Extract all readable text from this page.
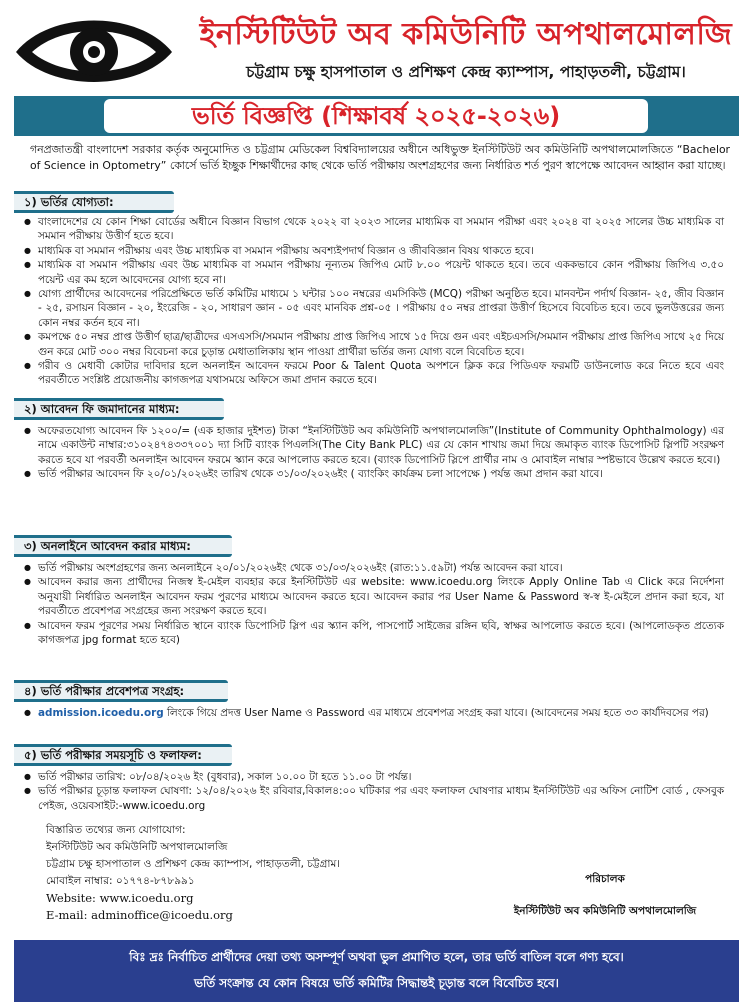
ইনস্টিটিউট অব কমিউনিটি অপথালমোলজি
চট্টগ্রাম চক্ষু হাসপাতাল ও প্রশিক্ষণ কেন্দ্র ক্যাম্পাস, পাহাড়তলী, চট্টগ্রাম।
ভর্তি বিজ্ঞপ্তি (শিক্ষাবর্ষ ২০২৫-২০২৬)
গনপ্রজাতন্ত্রী বাংলাদেশ সরকার কর্তৃক অনুমোদিত ও চট্টগ্রাম মেডিকেল বিশ্ববিদ্যালয়ের অধীনে অধিভুক্ত ইনস্টিটিউট অব কমিউনিটি অপথালমোলজিতে “Bachelor of Science in Optometry” কোর্সে ভর্তি ইচ্ছুক শিক্ষার্থীদের কাছ থেকে ভর্তি পরীক্ষায় অংশগ্রহণের জন্য নির্ধারিত শর্ত পুরণ স্বাপেক্ষে আবেদন আহ্বান করা যাচ্ছে।
১) ভর্তির যোগ্যতা:
● বাংলাদেশের যে কোন শিক্ষা বোর্ডের অধীনে বিজ্ঞান বিভাগ থেকে ২০২২ বা ২০২৩ সালের মাধ্যমিক বা সমমান পরীক্ষা এবং ২০২৪ বা ২০২৫ সালের উচ্চ মাধ্যমিক বা সমমান পরীক্ষায় উত্তীর্ণ হতে হবে।
● মাধ্যমিক বা সমমান পরীক্ষায় এবং উচ্চ মাধ্যমিক বা সমমান পরীক্ষায় অবশ্যইপদার্থ বিজ্ঞান ও জীববিজ্ঞান বিষয় থাকতে হবে।
● মাধ্যমিক বা সমমান পরীক্ষায় এবং উচ্চ মাধ্যমিক বা সমমান পরীক্ষায় নূন্যতম জিপিএ মোট ৮.০০ পয়েন্ট থাকতে হবে। তবে এককভাবে কোন পরীক্ষায় জিপিএ ৩.৫০ পয়েন্ট এর কম হলে আবেদনের যোগ্য হবে না।
● যোগ্য প্রার্থীদের আবেদনের পরিপ্রেক্ষিতে ভর্তি কমিটির মাধ্যমে ১ ঘন্টার ১০০ নম্বরের এমসিকিউ (MCQ) পরীক্ষা অনুষ্ঠিত হবে। মানবন্টন পর্দার্থ বিজ্ঞান- ২৫, জীব বিজ্ঞান - ২৫, রসায়ন বিজ্ঞান - ২০, ইংরেজি - ২০, সাধারণ জ্ঞান - ০৫ এবং মানবিক প্রশ্ন-০৫ । পরীক্ষায় ৫০ নম্বর প্রাপ্তরা উত্তীর্ণ হিসেবে বিবেচিত হবে। তবে ভুলউত্তরের জন্য কোন নম্বর কর্তন হবে না।
● কমপক্ষে ৫০ নম্বর প্রাপ্ত উত্তীর্ণ ছাত্র/ছাত্রীদের এসএসসি/সমমান পরীক্ষায় প্রাপ্ত জিপিএ সাথে ১৫ দিয়ে গুন এবং এইচএসসি/সমমান পরীক্ষায় প্রাপ্ত জিপিএ সাথে ২৫ দিয়ে গুন করে মোট ৩০০ নম্বর বিবেচনা করে চুড়ান্ত মেধাতালিকায় স্থান পাওয়া প্রার্থীরা ভর্তির জন্য যোগ্য বলে বিবেচিত হবে।
● গরীব ও মেধাবী কোটার দাবিদার হলে অনলাইন আবেদন ফরমে Poor & Talent Quota অপশনে ক্লিক করে পিডিএফ ফরমটি ডাউনলোড করে নিতে হবে এবং পরবর্তীতে সংশ্লিষ্ট প্রয়োজনীয় কাগজপত্র যথাসময়ে অফিসে জমা প্রদান করতে হবে।
২) আবেদন ফি জমাদানের মাধ্যম:
● অফেরতযোগ্য আবেদন ফি ১২০০/= (এক হাজার দুইশত) টাকা “ইনস্টিটিউট অব কমিউনিটি অপথালমোলজি”(Institute of Community Ophthalmology) এর নামে একাউন্ট নাম্বার:৩১০২৪৭৪৩৩৭০০১ দ্যা সিটি ব্যাংক পিএলসি(The City Bank PLC) এর যে কোন শাখায় জমা দিয়ে জমাকৃত ব্যাংক ডিপোসিট স্লিপটি সংরক্ষণ করতে হবে যা পরবর্তী অনলাইন আবেদন ফরমে স্ক্যান করে আপলোড করতে হবে। (ব্যাংক ডিপোসিট স্লিপে প্রার্থীর নাম ও মোবাইল নাম্বার স্পষ্টভাবে উল্লেখ করতে হবে।)
● ভর্তি পরীক্ষার আবেদন ফি ২০/০১/২০২৬ইং তারিখ থেকে ৩১/০৩/২০২৬ইং ( ব্যাংকিং কার্যক্রম চলা সাপেক্ষে ) পর্যন্ত জমা প্রদান করা যাবে।
৩) অনলাইনে আবেদন করার মাধ্যম:
● ভর্তি পরীক্ষায় অংশগ্রহণের জন্য অনলাইনে ২০/০১/২০২৬ইং থেকে ৩১/০৩/২০২৬ইং (রাত:১১.৫৯টা) পর্যন্ত আবেদন করা যাবে।
● আবেদন করার জন্য প্রার্থীদের নিজস্ব ই-মেইল ব্যবহার করে ইনস্টিটিউট এর website: www.icoedu.org লিংকে Apply Online Tab এ Click করে নির্দেশনা অনুযায়ী নির্ধারিত অনলাইন আবেদন ফরম পুরণের মাধ্যমে আবেদন করতে হবে। আবেদন করার পর User Name & Password স্ব-স্ব ই-মেইলে প্রদান করা হবে, যা পরবর্তীতে প্রবেশপত্র সংগ্রহের জন্য সংরক্ষণ করতে হবে।
● আবেদন ফরম পূরণের সময় নির্ধারিত স্থানে ব্যাংক ডিপোসিট স্লিপ এর স্ক্যান কপি, পাসপোর্ট সাইজের রঙ্গিন ছবি, স্বাক্ষর আপলোড করতে হবে। (আপলোডকৃত প্রত্যেক কাগজপত্র jpg format হতে হবে)
৪) ভর্তি পরীক্ষার প্রবেশপত্র সংগ্রহ:
● admission.icoedu.org লিংকে গিয়ে প্রদত্ত User Name ও Password এর মাধ্যমে প্রবেশপত্র সংগ্রহ করা যাবে। (আবেদনের সময় হতে ৩৩ কার্যদিবসের পর)
৫) ভর্তি পরীক্ষার সময়সূচি ও ফলাফল:
● ভর্তি পরীক্ষার তারিখ: ০৮/০৪/২০২৬ ইং (বুধবার), সকাল ১০.০০ টা হতে ১১.০০ টা পর্যন্ত।
● ভর্তি পরীক্ষার চূড়ান্ত ফলাফল ঘোষণা: ১২/০৪/২০২৬ ইং রবিবার,বিকাল৪:০০ ঘটিকার পর এবং ফলাফল ঘোষণার মাধ্যম ইনস্টিটিউট এর অফিস নোটিশ বোর্ড , ফেসবুক পেইজ, ওয়েবসাইট:-www.icoedu.org
বিস্তারিত তথ্যের জন্য যোগাযোগ:
ইনস্টিটিউট অব কমিউনিটি অপথালমোলজি
চট্টগ্রাম চক্ষু হাসপাতাল ও প্রশিক্ষণ কেন্দ্র ক্যাম্পাস, পাহাড়তলী, চট্টগ্রাম।
মোবাইল নাম্বার: ০১৭৭৪-৮৭৮৯৯১
Website: www.icoedu.org
E-mail: adminoffice@icoedu.org
পরিচালক
ইনস্টিটিউট অব কমিউনিটি অপথালমোলজি
বিঃ দ্রঃ নির্বাচিত প্রার্থীদের দেয়া তথ্য অসম্পূর্ণ অথবা ভুল প্রমাণিত হলে, তার ভর্তি বাতিল বলে গণ্য হবে।
ভর্তি সংক্রান্ত যে কোন বিষয়ে ভর্তি কমিটির সিদ্ধান্তই চূড়ান্ত বলে বিবেচিত হবে।
